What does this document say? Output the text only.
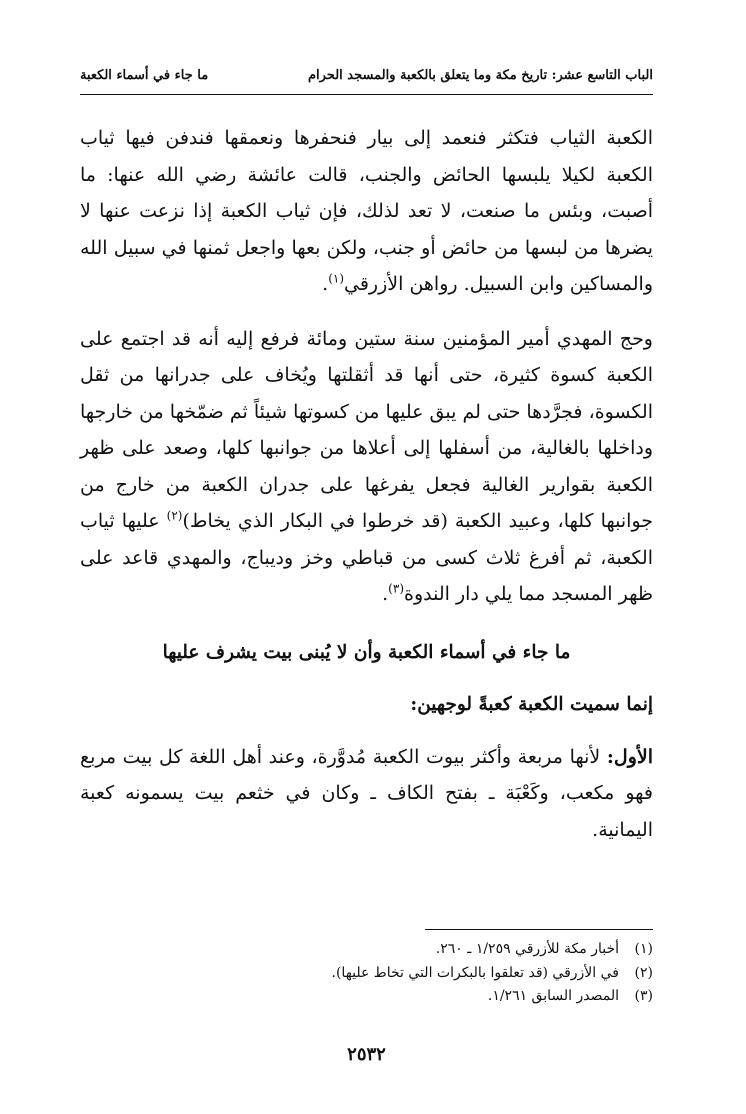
الباب التاسع عشر: تاريخ مكة وما يتعلق بالكعبة والمسجد الحرام
ما جاء في أسماء الكعبة

الكعبة الثياب فتكثر فنعمد إلى بيار فنحفرها ونعمقها فندفن فيها ثياب الكعبة لكيلا يلبسها الحائض والجنب، قالت عائشة رضي الله عنها: ما أصبت، وبئس ما صنعت، لا تعد لذلك، فإن ثياب الكعبة إذا نزعت عنها لا يضرها من لبسها من حائض أو جنب، ولكن بعها واجعل ثمنها في سبيل الله والمساكين وابن السبيل. رواهن الأزرقي$^{(١)}$.

وحج المهدي أمير المؤمنين سنة ستين ومائة فرفع إليه أنه قد اجتمع على الكعبة كسوة كثيرة، حتى أنها قد أثقلتها ويُخاف على جدرانها من ثقل الكسوة، فجرَّدها حتى لم يبق عليها من كسوتها شيئاً ثم ضمّخها من خارجها وداخلها بالغالية، من أسفلها إلى أعلاها من جوانبها كلها، وصعد على ظهر الكعبة بقوارير الغالية فجعل يفرغها على جدران الكعبة من خارج من جوانبها كلها، وعبيد الكعبة (قد خرطوا في البكار الذي يخاط)$^{(٢)}$ عليها ثياب الكعبة، ثم أفرغ ثلاث كسى من قباطي وخز وديباج، والمهدي قاعد على ظهر المسجد مما يلي دار الندوة$^{(٣)}$.

ما جاء في أسماء الكعبة وأن لا يُبنى بيت يشرف عليها
إنما سميت الكعبة كعبةً لوجهين:

الأول: لأنها مربعة وأكثر بيوت الكعبة مُدوَّرة، وعند أهل اللغة كل بيت مربع فهو مكعب، وكَعْبَة ـ بفتح الكاف ـ وكان في خثعم بيت يسمونه كعبة اليمانية.

(١)
أخبار مكة للأزرقي ١/٢٥٩ ـ ٢٦٠.
(٢)
في الأزرقي (قد تعلقوا بالبكرات التي تخاط عليها).
(٣)
المصدر السابق ١/٢٦١.
٢٥٣٢
